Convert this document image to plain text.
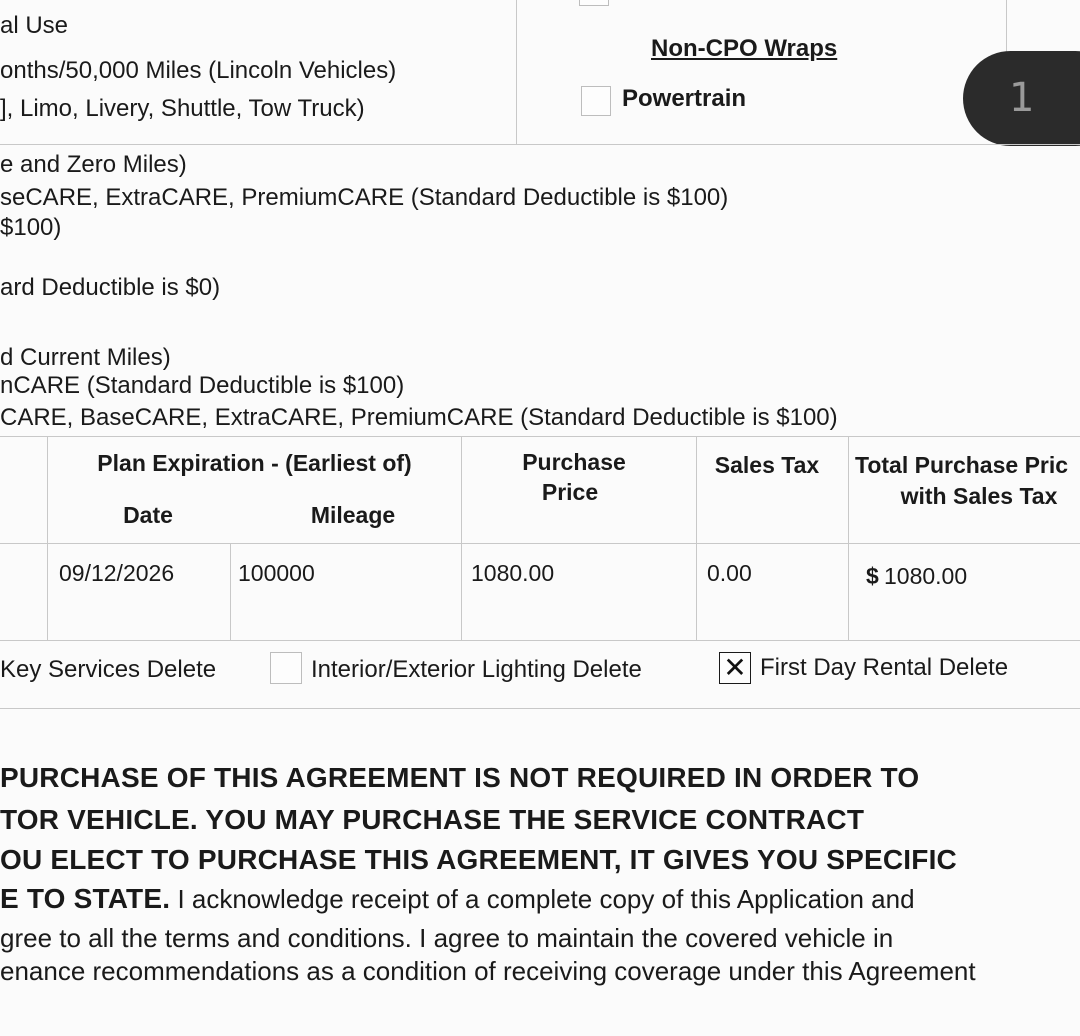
al Use
onths/50,000 Miles (Lincoln Vehicles)
], Limo, Livery, Shuttle, Tow Truck)
Non-CPO Wraps
Powertrain	1
e and Zero Miles)
seCARE, ExtraCARE, PremiumCARE (Standard Deductible is $100)
$100)
ard Deductible is $0)
d Current Miles)
nCARE (Standard Deductible is $100)
CARE, BaseCARE, ExtraCARE, PremiumCARE (Standard Deductible is $100)
Plan Expiration - (Earliest of)
Date	Mileage
Purchase
Price
Sales Tax	Total Purchase Pric
with Sales Tax
09/12/2026	100000	1080.00	0.00	$ 1080.00
Key Services Delete	Interior/Exterior Lighting Delete	✕ First Day Rental Delete
PURCHASE OF THIS AGREEMENT IS NOT REQUIRED IN ORDER TO
TOR VEHICLE. YOU MAY PURCHASE THE SERVICE CONTRACT
OU ELECT TO PURCHASE THIS AGREEMENT, IT GIVES YOU SPECIFIC
E TO STATE. I acknowledge receipt of a complete copy of this Application and
gree to all the terms and conditions. I agree to maintain the covered vehicle in
enance recommendations as a condition of receiving coverage under this Agreement
